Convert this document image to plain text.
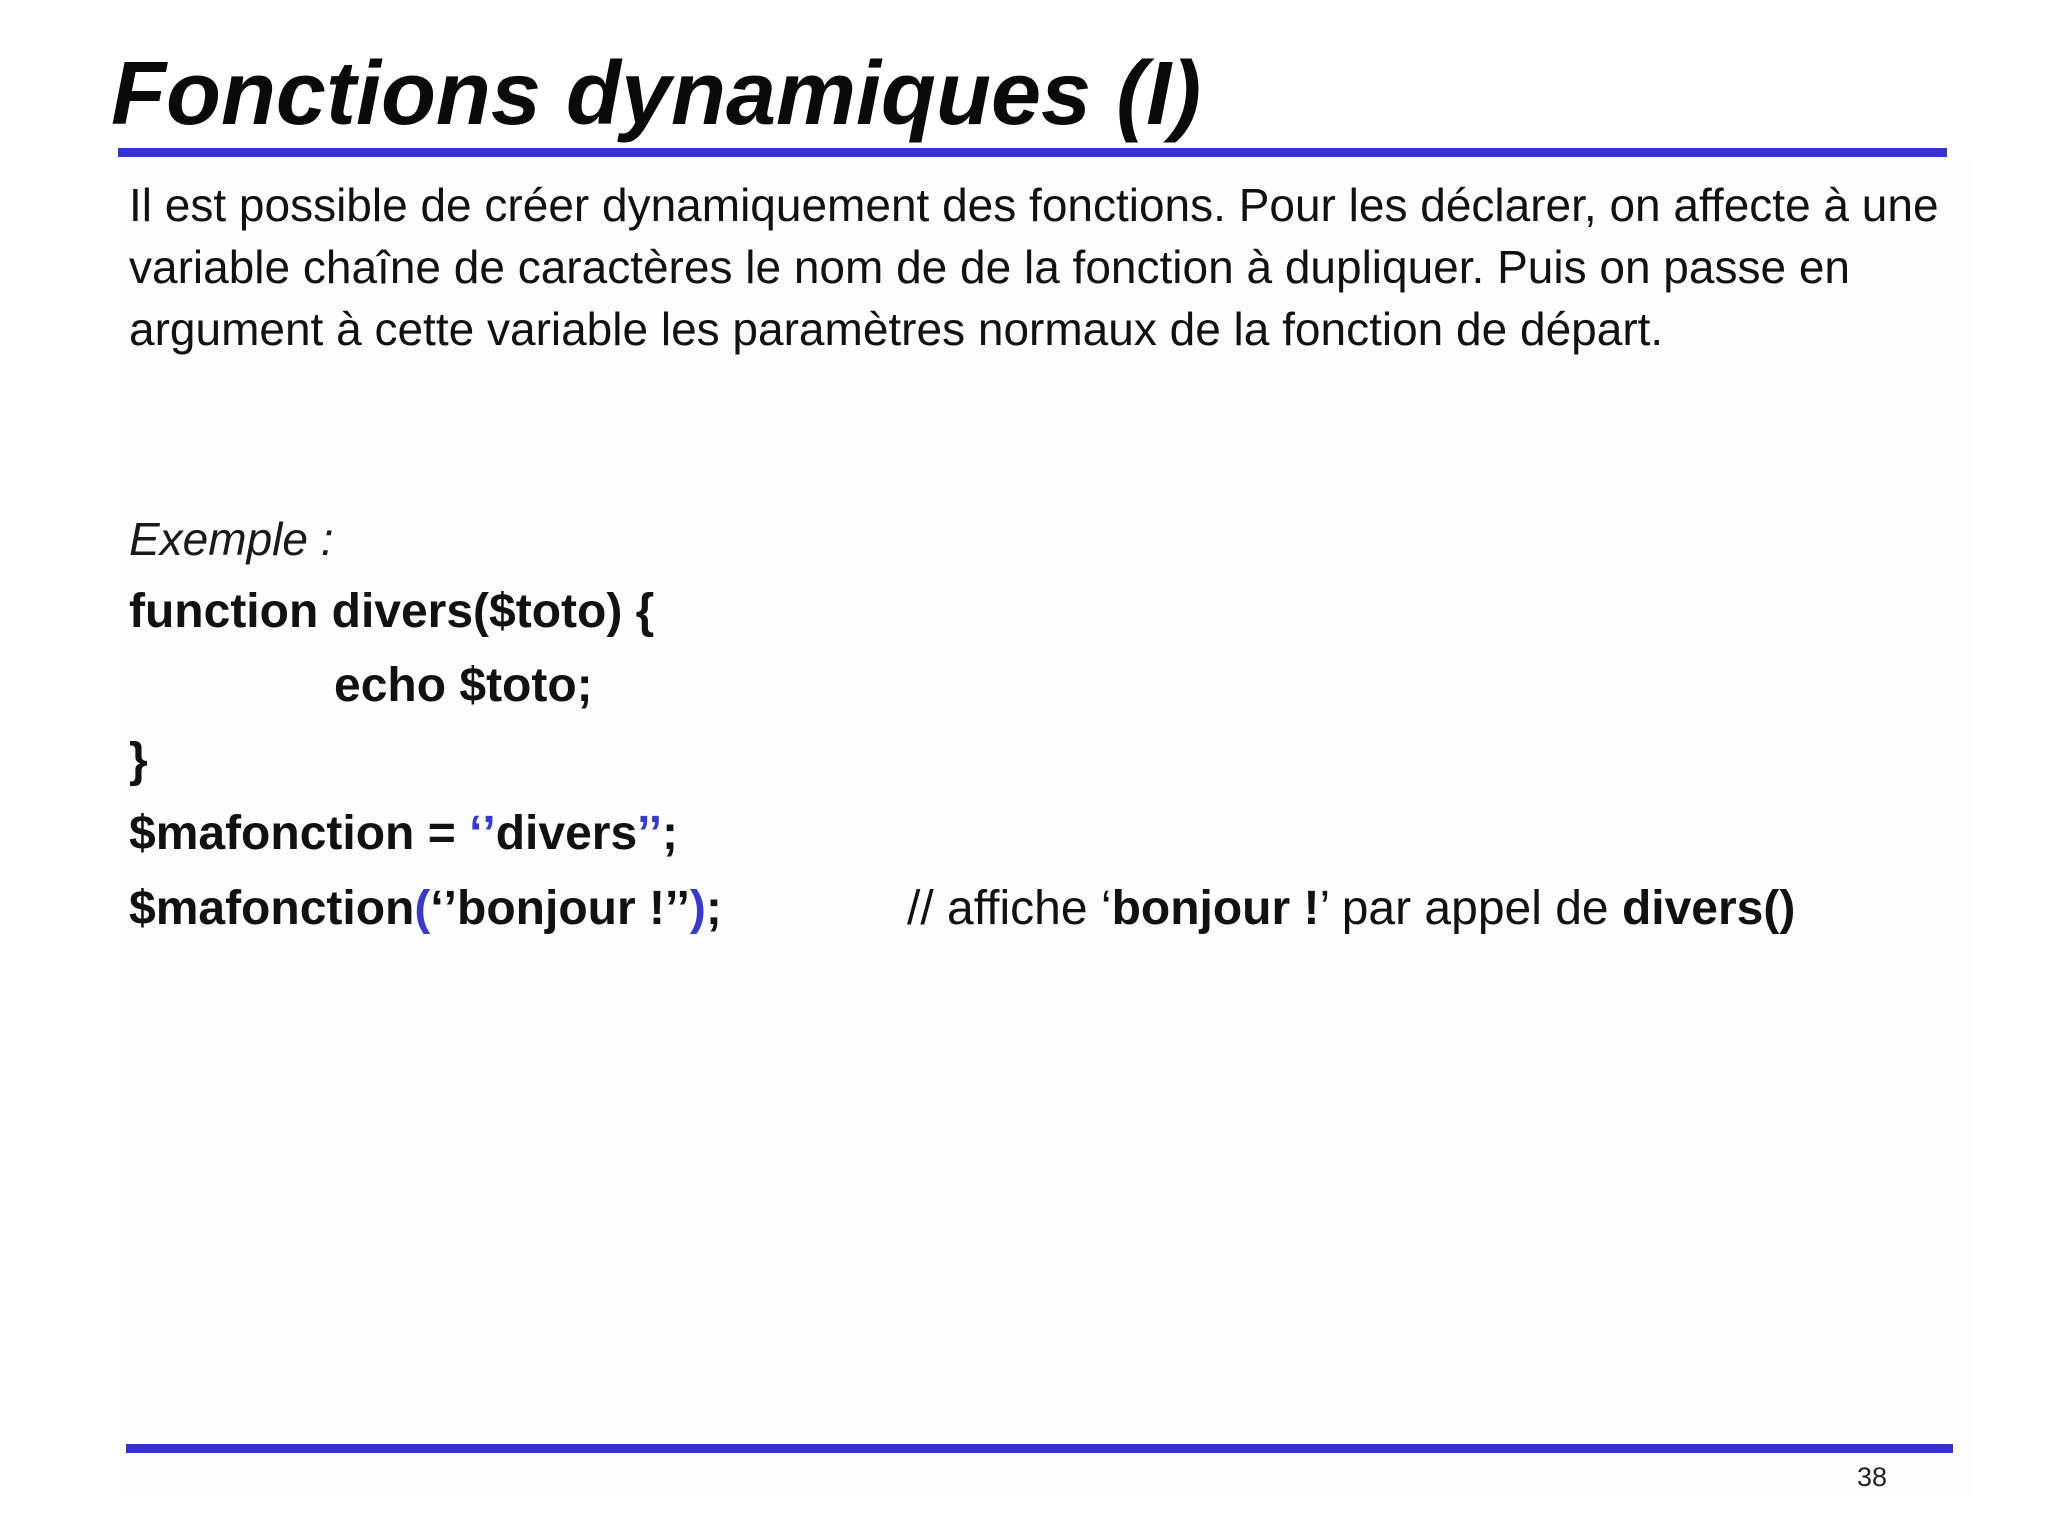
Fonctions dynamiques (I)

Il est possible de créer dynamiquement des fonctions. Pour les déclarer, on affecte à une variable chaîne de caractères le nom de de la fonction à dupliquer. Puis on passe en argument à cette variable les paramètres normaux de la fonction de départ.

Exemple :

function divers($toto) {

echo $toto;

}

$mafonction = ‘’divers’’;

$mafonction(‘’bonjour !’’);	// affiche ‘bonjour !’ par appel de divers()

38
